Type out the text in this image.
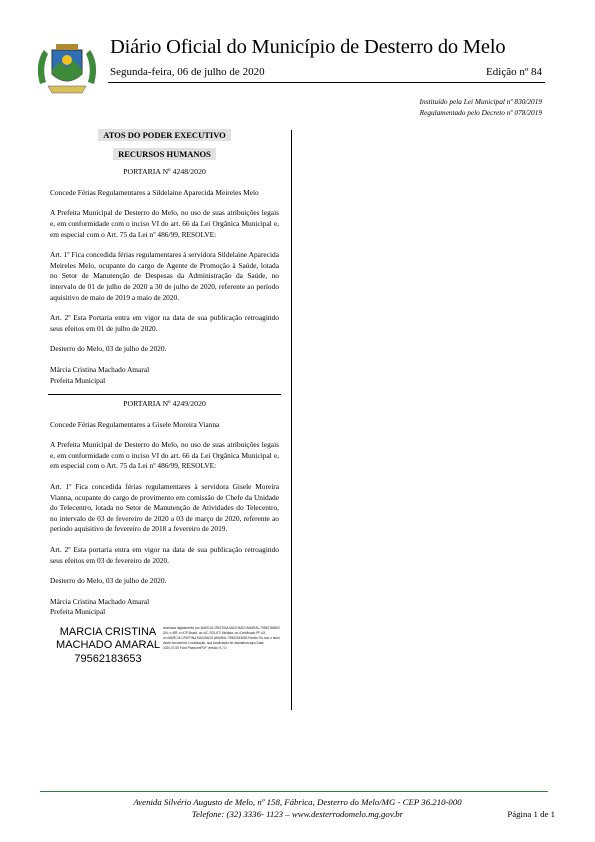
Diário Oficial do Município de Desterro do Melo
Segunda-feira, 06 de julho de 2020	Edição nº 84
Instituído pela Lei Municipal nº 830/2019
Regulamentado pelo Decreto nº 078/2019
ATOS DO PODER EXECUTIVO
RECURSOS HUMANOS
PORTARIA Nº 4248/2020

Concede Férias Regulamentares a Sildelaine Aparecida Meireles Melo

A Prefeita Municipal de Desterro do Melo, no uso de suas atribuições legais e, em conformidade com o inciso VI do art. 66 da Lei Orgânica Municipal e, em especial com o Art. 75 da Lei nº 486/99, RESOLVE:

Art. 1º Fica concedida férias regulamentares à servidora Sildelaine Aparecida Meireles Melo, ocupante do cargo de Agente de Promoção à Saúde, lotada no Setor de Manutenção de Despesas da Administração da Saúde, no intervalo de 01 de julho de 2020 a 30 de julho de 2020, referente ao período aquisitivo de maio de 2019 a maio de 2020.

Art. 2º Esta Portaria entra em vigor na data de sua publicação retroagindo seus efeitos em 01 de julho de 2020.

Desterro do Melo, 03 de julho de 2020.

Márcia Cristina Machado Amaral

Prefeita Municipal

PORTARIA Nº 4249/2020

Concede Férias Regulamentares a Gisele Moreira Vianna

A Prefeita Municipal de Desterro do Melo, no uso de suas atribuições legais e, em conformidade com o inciso VI do art. 66 da Lei Orgânica Municipal e, em especial com o Art. 75 da Lei nº 486/99, RESOLVE:

Art. 1º Fica concedida férias regulamentares à servidora Gisele Moreira Vianna, ocupante do cargo de provimento em comissão de Chefe da Unidade do Telecentro, lotada no Setor de Manutenção de Atividades do Telecentro, no intervalo de 03 de fevereiro de 2020 a 03 de março de 2020, referente ao período aquisitivo de fevereiro de 2018 a fevereiro de 2019.

Art. 2º Esta portaria entra em vigor na data de sua publicação retroagindo seus efeitos em 03 de fevereiro de 2020.

Desterro do Melo, 03 de julho de 2020.

Márcia Cristina Machado Amaral

Prefeita Municipal

MARCIA CRISTINA
MACHADO AMARAL
79562183653
Assinado digitalmente por MARCIA CRISTINA MACHADO AMARAL:79562183653 DN: c=BR, o=ICP-Brasil, ou=AC SOLUTI Multipla, ou=Certificado PF A3, cn=MARCIA CRISTINA MACHADO AMARAL:79562183653 Razão: Eu sou o autor deste documento Localização: sua localização de assinatura aqui Data: 2020.07.06 Foxit PhantomPDF Versão: 9.7.0
Avenida Silvério Augusto de Melo, nº 158, Fábrica, Desterro do Melo/MG - CEP 36.210-000
Telefone: (32) 3336- 1123 – www.desterrodomelo.mg.gov.br	Página 1 de 1
